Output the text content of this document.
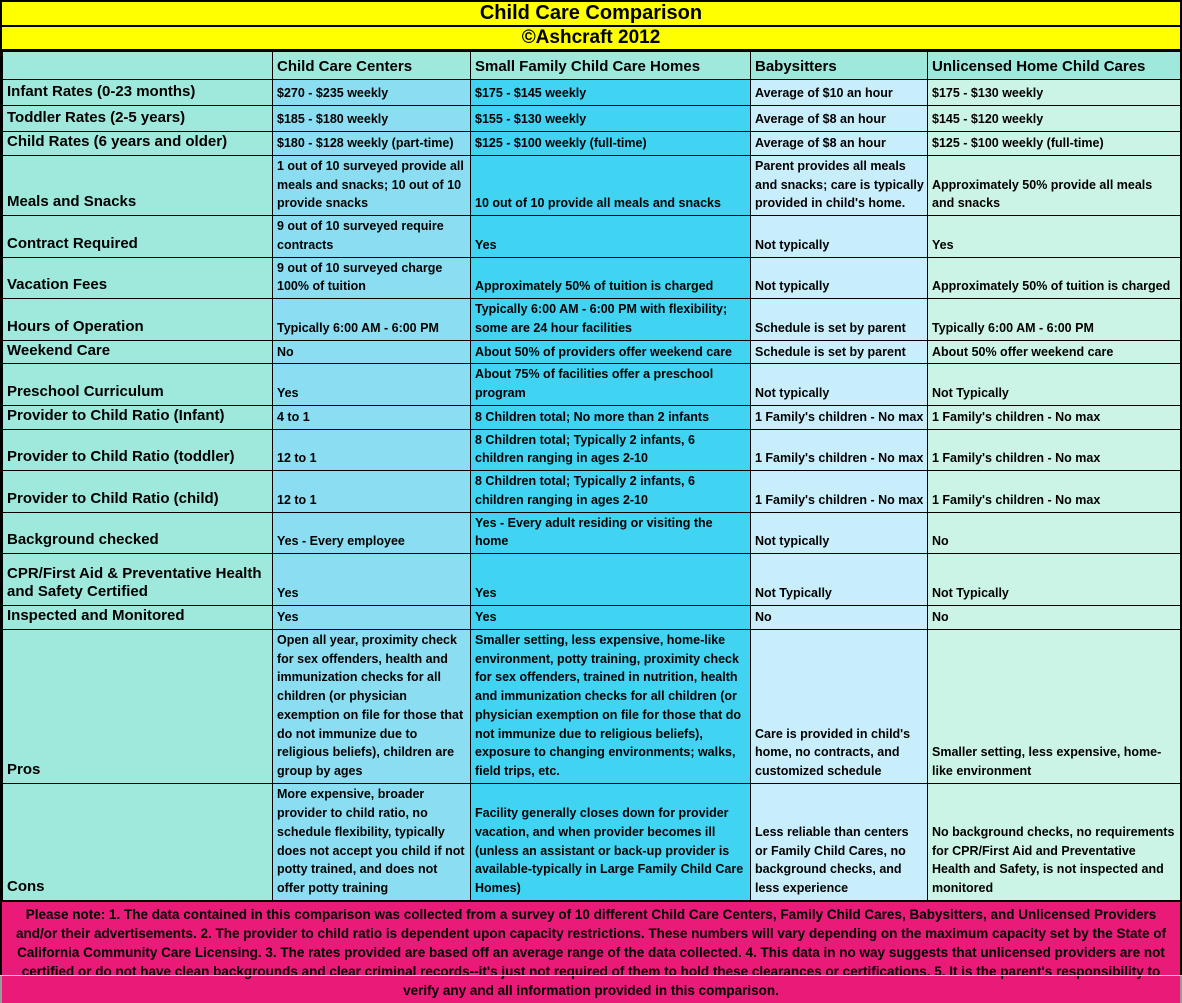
Child Care Comparison
©Ashcraft 2012
	Child Care Centers	Small Family Child Care Homes	Babysitters	Unlicensed Home Child Cares
Infant Rates (0-23 months)	$270 - $235 weekly	$175 - $145 weekly	Average of $10 an hour	$175 - $130 weekly
Toddler Rates (2-5 years)	$185 - $180 weekly	$155 - $130 weekly	Average of $8 an hour	$145 - $120 weekly
Child Rates (6 years and older)	$180 - $128 weekly (part-time)	$125 - $100 weekly (full-time)	Average of $8 an hour	$125 - $100 weekly (full-time)
Meals and Snacks	1 out of 10 surveyed provide all meals and snacks; 10 out of 10 provide snacks	10 out of 10 provide all meals and snacks	Parent provides all meals and snacks; care is typically provided in child's home.	Approximately 50% provide all meals and snacks
Contract Required	9 out of 10 surveyed require contracts	Yes	Not typically	Yes
Vacation Fees	9 out of 10 surveyed charge 100% of tuition	Approximately 50% of tuition is charged	Not typically	Approximately 50% of tuition is charged
Hours of Operation	Typically 6:00 AM - 6:00 PM	Typically 6:00 AM - 6:00 PM with flexibility; some are 24 hour facilities	Schedule is set by parent	Typically 6:00 AM - 6:00 PM
Weekend Care	No	About 50% of providers offer weekend care	Schedule is set by parent	About 50% offer weekend care
Preschool Curriculum	Yes	About 75% of facilities offer a preschool program	Not typically	Not Typically
Provider to Child Ratio (Infant)	4 to 1	8 Children total; No more than 2 infants	1 Family's children - No max	1 Family's children - No max
Provider to Child Ratio (toddler)	12 to 1	8 Children total; Typically 2 infants, 6 children ranging in ages 2-10	1 Family's children - No max	1 Family's children - No max
Provider to Child Ratio (child)	12 to 1	8 Children total; Typically 2 infants, 6 children ranging in ages 2-10	1 Family's children - No max	1 Family's children - No max
Background checked	Yes - Every employee	Yes - Every adult residing or visiting the home	Not typically	No
CPR/First Aid & Preventative Health and Safety Certified	Yes	Yes	Not Typically	Not Typically
Inspected and Monitored	Yes	Yes	No	No
Pros	Open all year, proximity check for sex offenders, health and immunization checks for all children (or physician exemption on file for those that do not immunize due to religious beliefs), children are group by ages	Smaller setting, less expensive, home-like environment, potty training, proximity check for sex offenders, trained in nutrition, health and immunization checks for all children (or physician exemption on file for those that do not immunize due to religious beliefs), exposure to changing environments; walks, field trips, etc.	Care is provided in child's home, no contracts, and customized schedule	Smaller setting, less expensive, home-like environment
Cons	More expensive, broader provider to child ratio, no schedule flexibility, typically does not accept you child if not potty trained, and does not offer potty training	Facility generally closes down for provider vacation, and when provider becomes ill (unless an assistant or back-up provider is available-typically in Large Family Child Care Homes)	Less reliable than centers or Family Child Cares, no background checks, and less experience	No background checks, no requirements for CPR/First Aid and Preventative Health and Safety, is not inspected and monitored
Please note: 1. The data contained in this comparison was collected from a survey of 10 different Child Care Centers, Family Child Cares, Babysitters, and Unlicensed Providers and/or their advertisements. 2. The provider to child ratio is dependent upon capacity restrictions. These numbers will vary depending on the maximum capacity set by the State of California Community Care Licensing. 3. The rates provided are based off an average range of the data collected. 4. This data in no way suggests that unlicensed providers are not certified or do not have clean backgrounds and clear criminal records--it's just not required of them to hold these clearances or certifications. 5. It is the parent's responsibility to verify any and all information provided in this comparison.
